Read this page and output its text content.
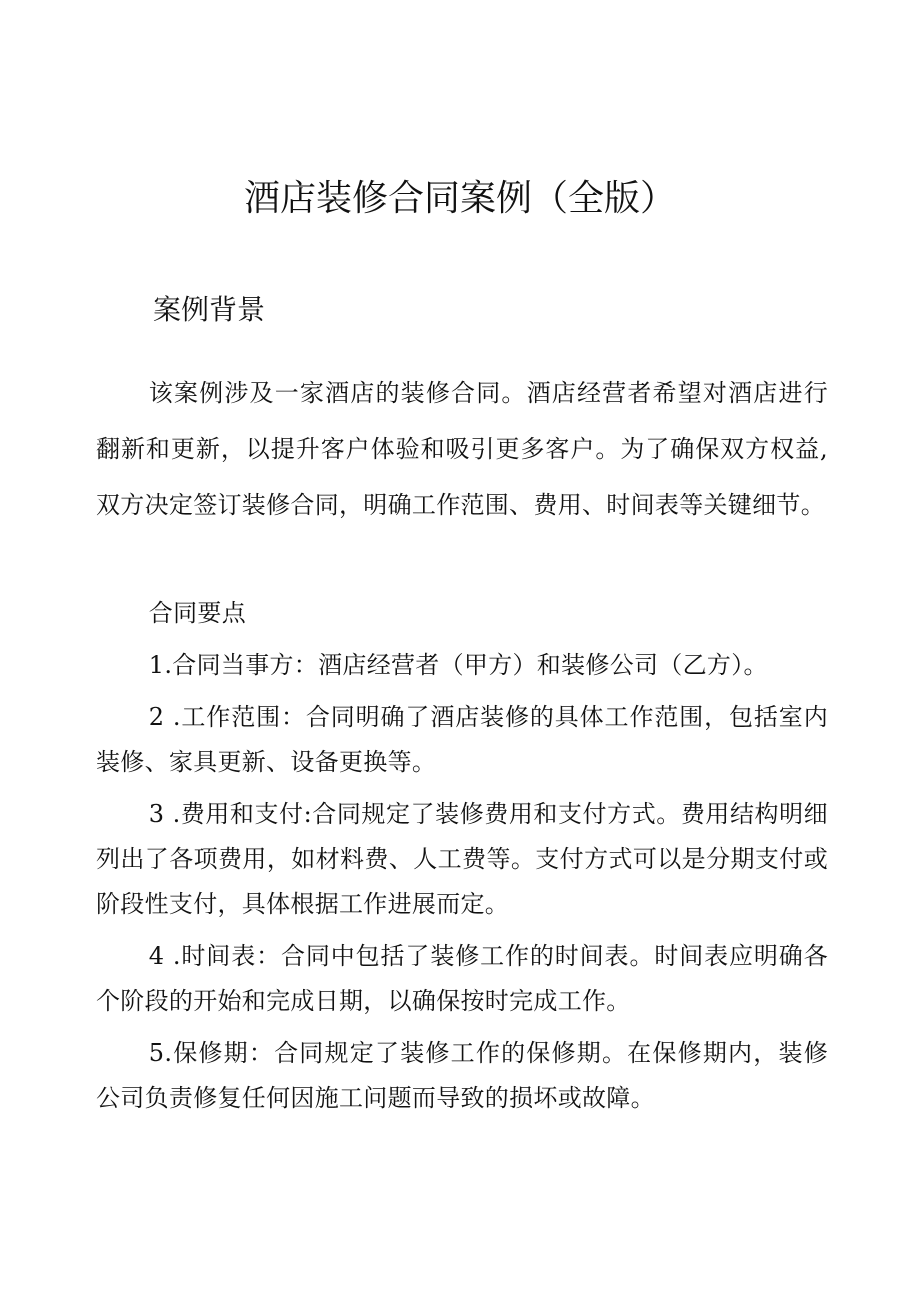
酒店装修合同案例（全版）
案例背景
该案例涉及一家酒店的装修合同。酒店经营者希望对酒店进行翻新和更新，以提升客户体验和吸引更多客户。为了确保双方权益,双方决定签订装修合同，明确工作范围、费用、时间表等关键细节。

合同要点

1.合同当事方：酒店经营者（甲方）和装修公司（乙方）。

2 .工作范围：合同明确了酒店装修的具体工作范围，包括室内装修、家具更新、设备更换等。

3 .费用和支付:合同规定了装修费用和支付方式。费用结构明细列出了各项费用，如材料费、人工费等。支付方式可以是分期支付或阶段性支付，具体根据工作进展而定。

4 .时间表：合同中包括了装修工作的时间表。时间表应明确各个阶段的开始和完成日期，以确保按时完成工作。

5.保修期：合同规定了装修工作的保修期。在保修期内，装修公司负责修复任何因施工问题而导致的损坏或故障。
